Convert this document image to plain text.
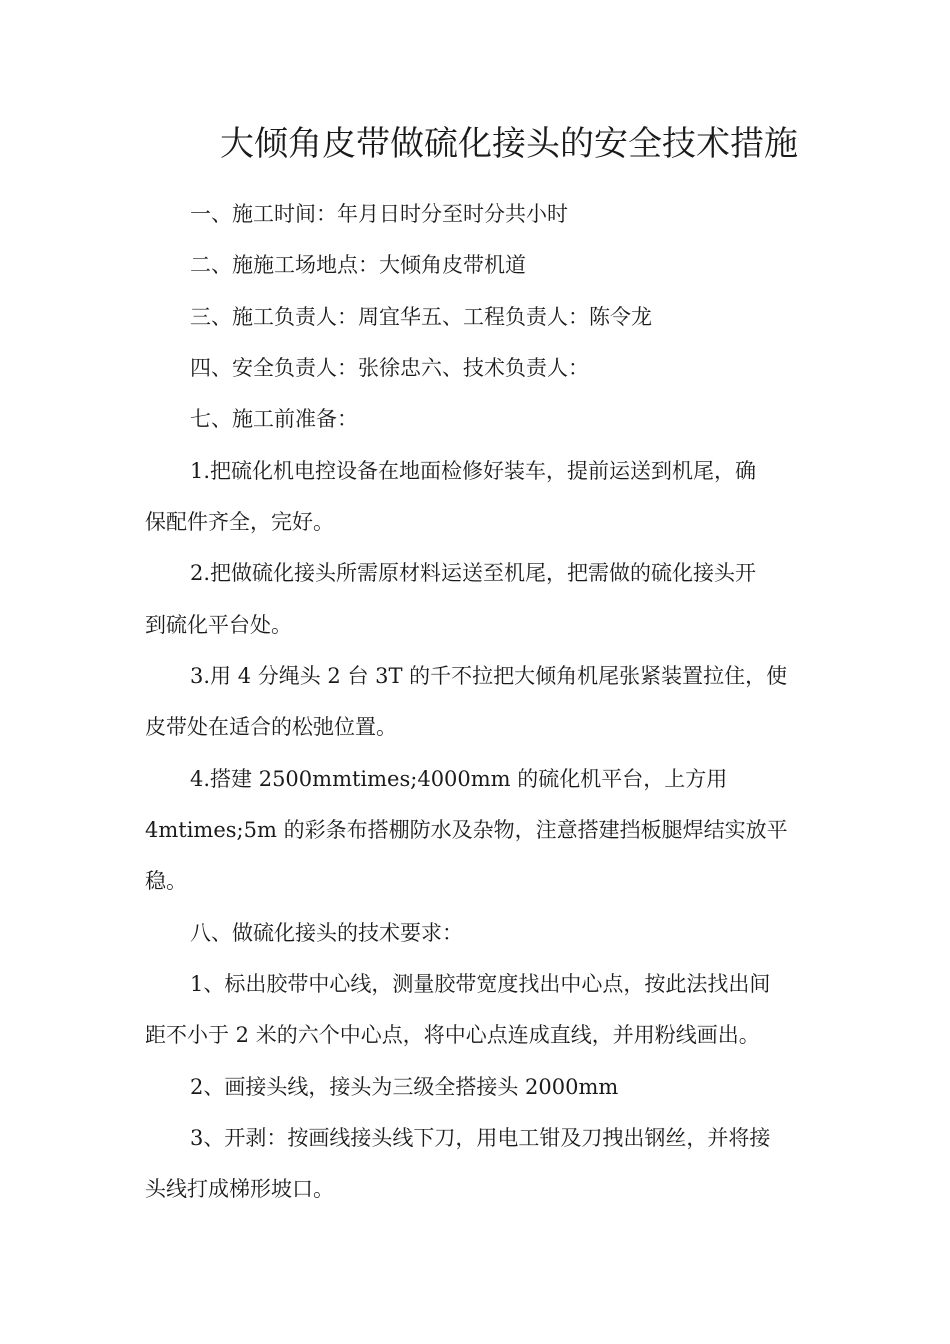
大倾角皮带做硫化接头的安全技术措施
一、施工时间：年月日时分至时分共小时
二、施施工场地点：大倾角皮带机道
三、施工负责人：周宜华五、工程负责人：陈令龙
四、安全负责人：张徐忠六、技术负责人：
七、施工前准备：
1.把硫化机电控设备在地面检修好装车，提前运送到机尾，确
保配件齐全，完好。
2.把做硫化接头所需原材料运送至机尾，把需做的硫化接头开
到硫化平台处。
3.用 4 分绳头 2 台 3T 的千不拉把大倾角机尾张紧装置拉住，使
皮带处在适合的松弛位置。
4.搭建 2500mmtimes;4000mm 的硫化机平台，上方用
4mtimes;5m 的彩条布搭棚防水及杂物，注意搭建挡板腿焊结实放平
稳。
八、做硫化接头的技术要求：
1、标出胶带中心线，测量胶带宽度找出中心点，按此法找出间
距不小于 2 米的六个中心点，将中心点连成直线，并用粉线画出。
2、画接头线，接头为三级全搭接头 2000mm
3、开剥：按画线接头线下刀，用电工钳及刀拽出钢丝，并将接
头线打成梯形坡口。
